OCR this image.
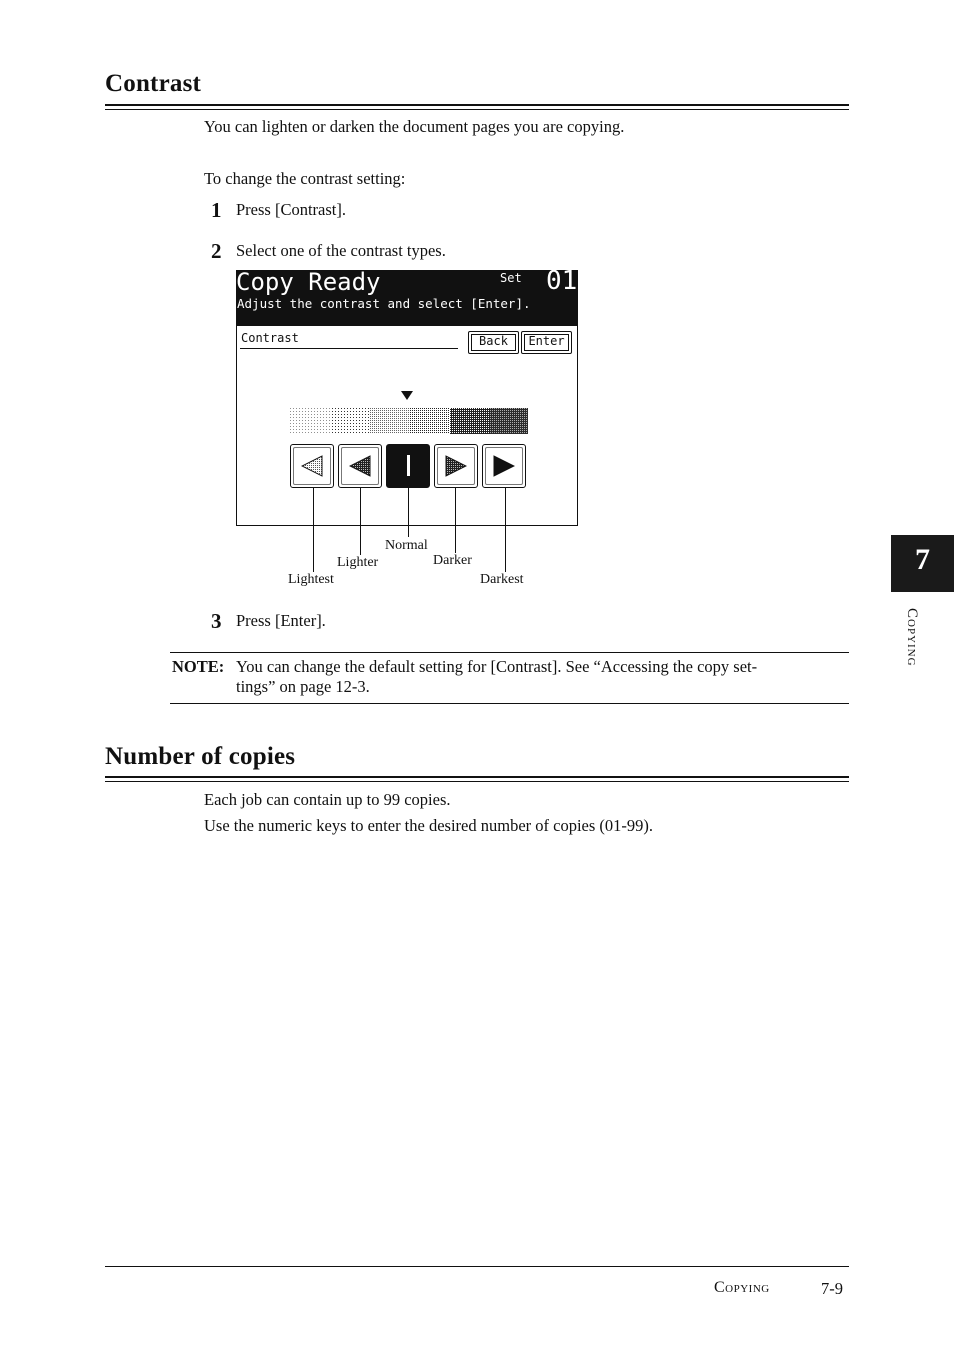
Contrast
You can lighten or darken the document pages you are copying.
To change the contrast setting:
1 Press [Contrast].
2 Select one of the contrast types.
Copy Ready	Set 01
Adjust the contrast and select [Enter].
Contrast	Back	Enter
Normal
Lighter	Darker
Lightest	Darkest
3 Press [Enter].
NOTE: You can change the default setting for [Contrast]. See “Accessing the copy set-
tings” on page 12-3.
Number of copies
Each job can contain up to 99 copies.
Use the numeric keys to enter the desired number of copies (01-99).
7
Copying
Copying	7-9
